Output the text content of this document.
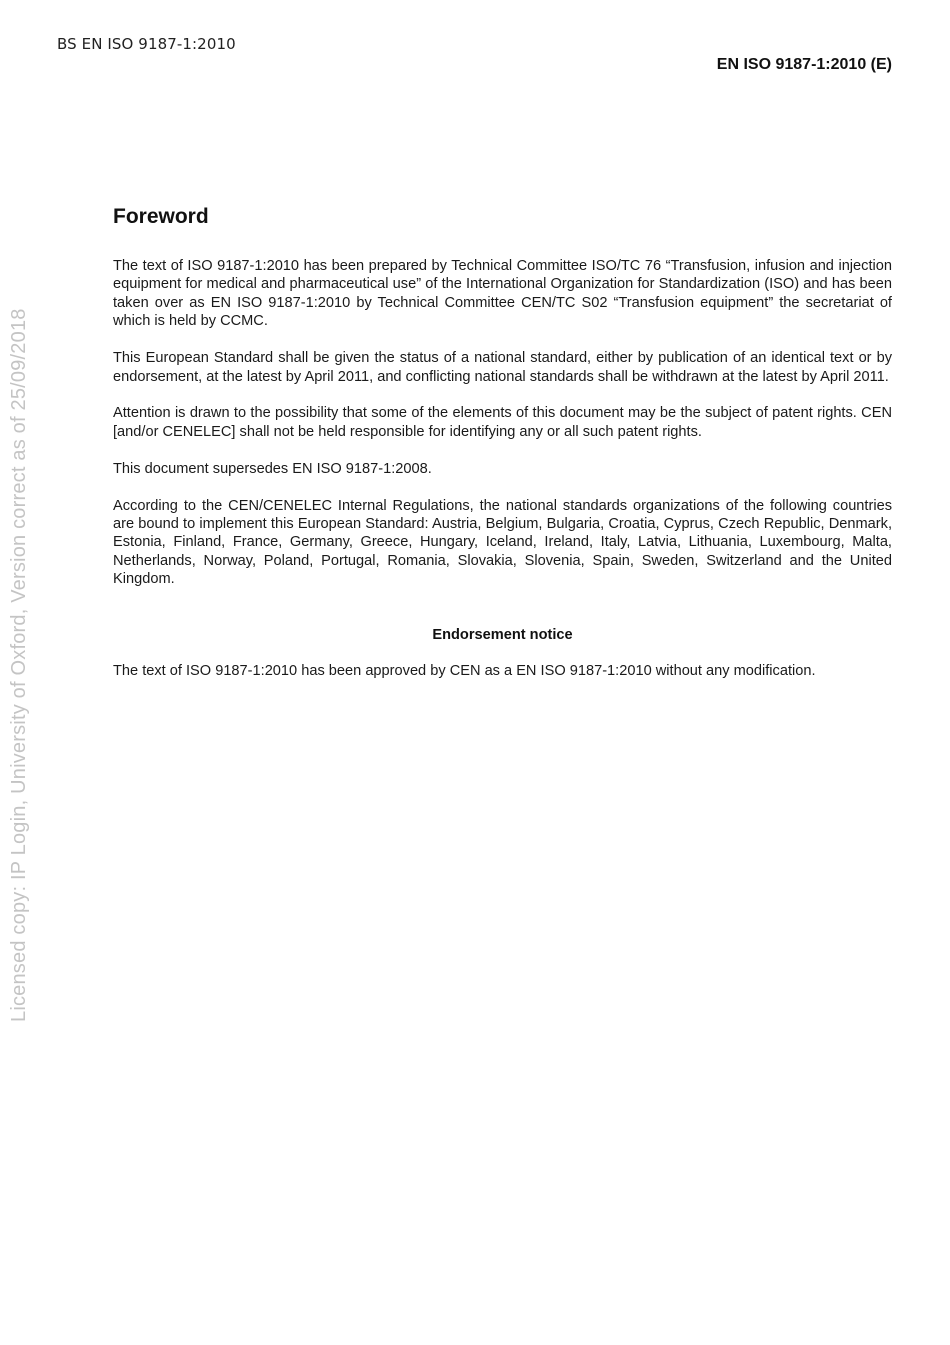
BS EN ISO 9187-1:2010
EN ISO 9187-1:2010 (E)
Licensed copy: IP Login, University of Oxford, Version correct as of 25/09/2018
Foreword

The text of ISO 9187-1:2010 has been prepared by Technical Committee ISO/TC 76 “Transfusion, infusion and injection equipment for medical and pharmaceutical use” of the International Organization for Standardization (ISO) and has been taken over as EN ISO 9187-1:2010 by Technical Committee CEN/TC S02 “Transfusion equipment” the secretariat of which is held by CCMC.

This European Standard shall be given the status of a national standard, either by publication of an identical text or by endorsement, at the latest by April 2011, and conflicting national standards shall be withdrawn at the latest by April 2011.

Attention is drawn to the possibility that some of the elements of this document may be the subject of patent rights. CEN [and/or CENELEC] shall not be held responsible for identifying any or all such patent rights.

This document supersedes EN ISO 9187-1:2008.

According to the CEN/CENELEC Internal Regulations, the national standards organizations of the following countries are bound to implement this European Standard: Austria, Belgium, Bulgaria, Croatia, Cyprus, Czech Republic, Denmark, Estonia, Finland, France, Germany, Greece, Hungary, Iceland, Ireland, Italy, Latvia, Lithuania, Luxembourg, Malta, Netherlands, Norway, Poland, Portugal, Romania, Slovakia, Slovenia, Spain, Sweden, Switzerland and the United Kingdom.

Endorsement notice

The text of ISO 9187-1:2010 has been approved by CEN as a EN ISO 9187-1:2010 without any modification.
